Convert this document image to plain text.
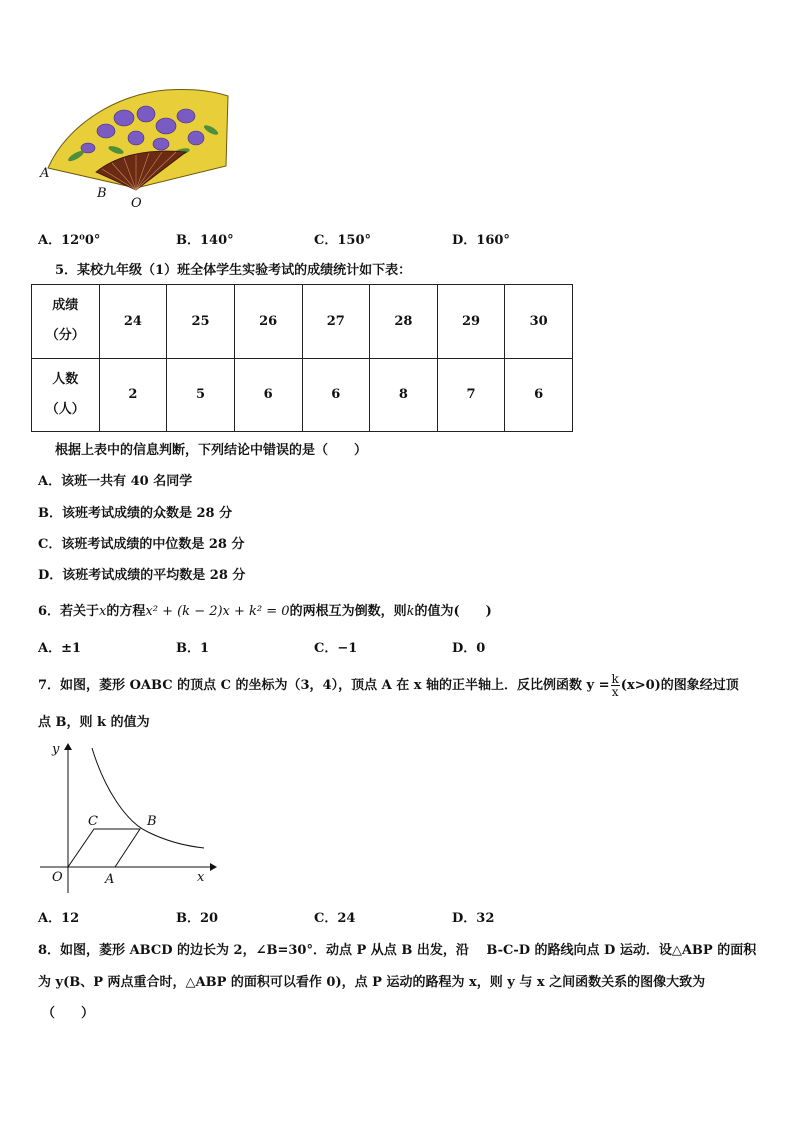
A
B
O
A．12⁰0°	B．140°	C．150°	D．160°
5．某校九年级（1）班全体学生实验考试的成绩统计如下表：
成绩
（分）	24	25	26	27	28	29	30

人数
（人）	2	5	6	6	8	7	6
根据上表中的信息判断，下列结论中错误的是（　　）
A．该班一共有 40 名同学
B．该班考试成绩的众数是 28 分
C．该班考试成绩的中位数是 28 分
D．该班考试成绩的平均数是 28 分
6．若关于x的方程x² + (k − 2)x + k² = 0的两根互为倒数，则k的值为(　　)
A．±1	B．1	C．−1	D．0
7．如图，菱形 OABC 的顶点 C 的坐标为（3，4），顶点 A 在 x 轴的正半轴上．反比例函数 $y = \frac{k}{x} (x>0)$的图象经过顶
点 B，则 k 的值为
y
C	B
O	A	x
A．12	B．20	C．24	D．32
8．如图，菱形 ABCD 的边长为 2，∠B=30°．动点 P 从点 B 出发，沿　 B-C-D 的路线向点 D 运动．设△ABP 的面积
为 y(B、P 两点重合时，△ABP 的面积可以看作 0)，点 P 运动的路程为 x，则 y 与 x 之间函数关系的图像大致为
（　　）
